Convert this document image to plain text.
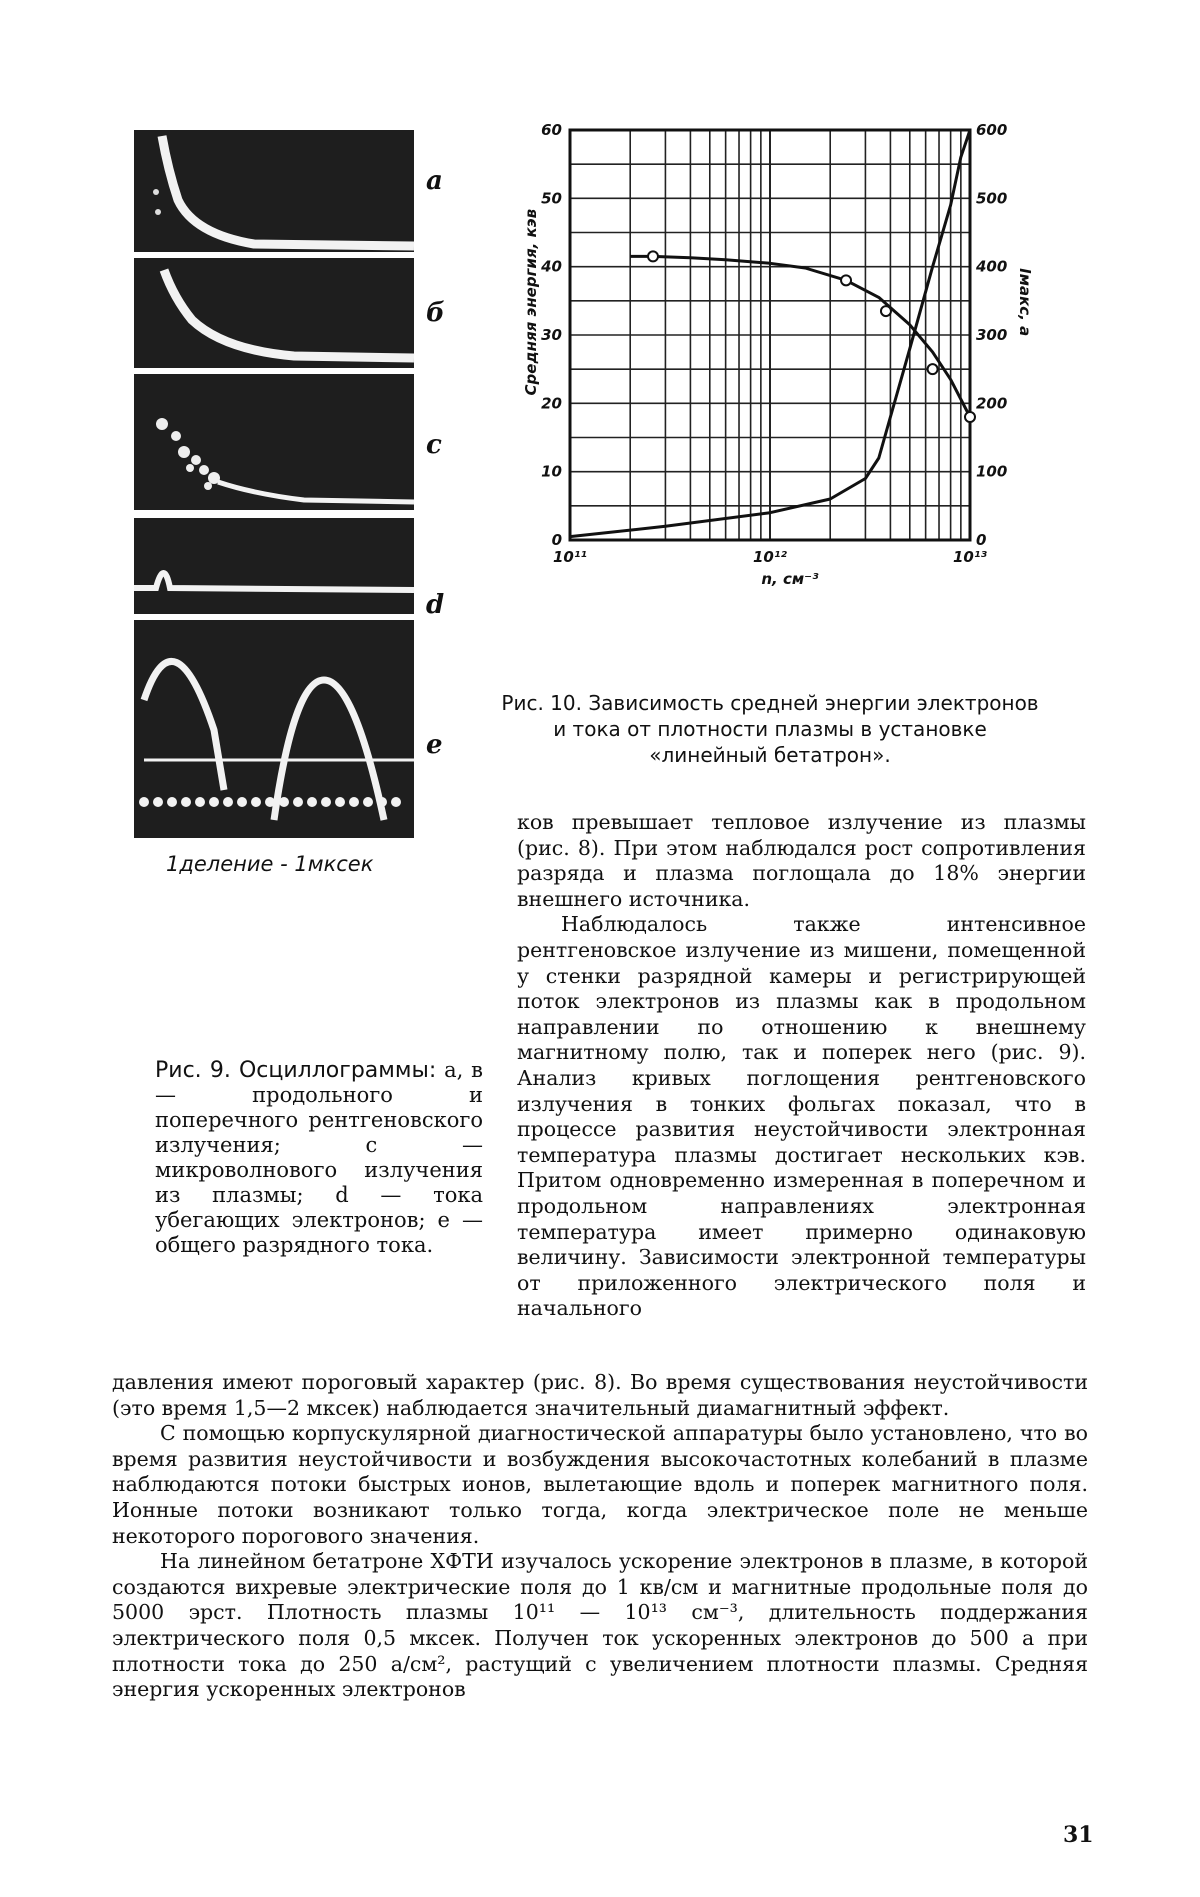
a
б
с
d
e
1деление - 1мксек
Рис. 9. Осциллограммы: а, в — продольного и поперечного рентгеновского излучения; с — микроволнового излучения из плазмы; d — тока убегающих электронов; е — общего разрядного тока.
0
10
20
30
40
50
60
0
100
200
300
400
500
600
10¹¹	10¹²	10¹³
n, см⁻³
Средняя энергия, кэв	Iмакс, а
Рис. 10. Зависимость средней энергии электронов и тока от плотности плазмы в установке «линейный бетатрон».

ков превышает тепловое излучение из плазмы (рис. 8). При этом наблюдался рост сопротивления разряда и плазма поглощала до 18% энергии внешнего источника.

Наблюдалось также интенсивное рентгеновское излучение из мишени, помещенной у стенки разрядной камеры и регистрирующей поток электронов из плазмы как в продольном направлении по отношению к внешнему магнитному полю, так и поперек него (рис. 9). Анализ кривых поглощения рентгеновского излучения в тонких фольгах показал, что в процессе развития неустойчивости электронная температура плазмы достигает нескольких кэв. Притом одновременно измеренная в поперечном и продольном направлениях электронная температура имеет примерно одинаковую величину. Зависимости электронной температуры от приложенного электрического поля и начального

давления имеют пороговый характер (рис. 8). Во время существования неустойчивости (это время 1,5—2 мксек) наблюдается значительный диамагнитный эффект.

С помощью корпускулярной диагностической аппаратуры было установлено, что во время развития неустойчивости и возбуждения высокочастотных колебаний в плазме наблюдаются потоки быстрых ионов, вылетающие вдоль и поперек магнитного поля. Ионные потоки возникают только тогда, когда электрическое поле не меньше некоторого порогового значения.

На линейном бетатроне ХФТИ изучалось ускорение электронов в плазме, в которой создаются вихревые электрические поля до 1 кв/см и магнитные продольные поля до 5000 эрст. Плотность плазмы 10¹¹ — 10¹³ см⁻³, длительность поддержания электрического поля 0,5 мксек. Получен ток ускоренных электронов до 500 а при плотности тока до 250 а/см², растущий с увеличением плотности плазмы. Средняя энергия ускоренных электронов

31
